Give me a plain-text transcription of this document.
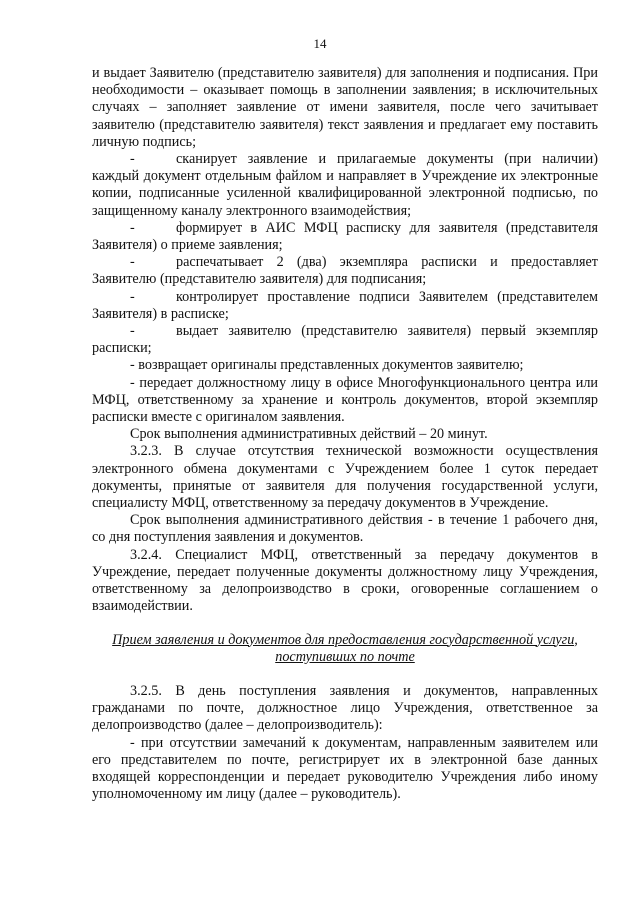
14

и выдает Заявителю (представителю заявителя) для заполнения и подписания. При необходимости – оказывает помощь в заполнении заявления; в исключительных случаях – заполняет заявление от имени заявителя, после чего зачитывает заявителю (представителю заявителя) текст заявления и предлагает ему поставить личную подпись;

-	сканирует заявление и прилагаемые документы (при наличии) каждый документ отдельным файлом и направляет в Учреждение их электронные копии, подписанные усиленной квалифицированной электронной подписью, по защищенному каналу электронного взаимодействия;

-	формирует в АИС МФЦ расписку для заявителя (представителя Заявителя) о приеме заявления;

-	распечатывает 2 (два) экземпляра расписки и предоставляет Заявителю (представителю заявителя) для подписания;

-	контролирует проставление подписи Заявителем (представителем Заявителя) в расписке;

-	выдает заявителю (представителю заявителя) первый экземпляр расписки;

- возвращает оригиналы представленных документов заявителю;

- передает должностному лицу в офисе Многофункционального центра или МФЦ, ответственному за хранение и контроль документов, второй экземпляр расписки вместе с оригиналом заявления.

Срок выполнения административных действий – 20 минут.

3.2.3. В случае отсутствия технической возможности осуществления электронного обмена документами с Учреждением более 1 суток передает документы, принятые от заявителя для получения государственной услуги, специалисту МФЦ, ответственному за передачу документов в Учреждение.

Срок выполнения административного действия - в течение 1 рабочего дня, со дня поступления заявления и документов.

3.2.4. Специалист МФЦ, ответственный за передачу документов в Учреждение, передает полученные документы должностному лицу Учреждения, ответственному за делопроизводство в сроки, оговоренные соглашением о взаимодействии.

Прием заявления и документов для предоставления государственной услуги,
поступивших по почте

3.2.5. В день поступления заявления и документов, направленных гражданами по почте, должностное лицо Учреждения, ответственное за делопроизводство (далее – делопроизводитель):

- при отсутствии замечаний к документам, направленным заявителем или его представителем по почте, регистрирует их в электронной базе данных входящей корреспонденции и передает руководителю Учреждения либо иному уполномоченному им лицу (далее – руководитель).
